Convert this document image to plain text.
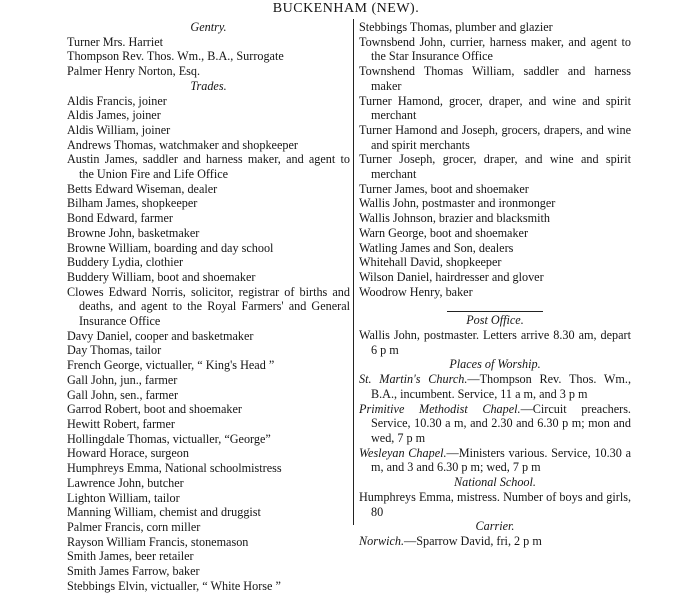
BUCKENHAM (NEW).
Gentry.
Turner Mrs. Harriet
Thompson Rev. Thos. Wm., B.A., Surrogate
Palmer Henry Norton, Esq.
Trades.
Aldis Francis, joiner
Aldis James, joiner
Aldis William, joiner
Andrews Thomas, watchmaker and shopkeeper
Austin James, saddler and harness maker, and agent to the Union Fire and Life Office
Betts Edward Wiseman, dealer
Bilham James, shopkeeper
Bond Edward, farmer
Browne John, basketmaker
Browne William, boarding and day school
Buddery Lydia, clothier
Buddery William, boot and shoemaker
Clowes Edward Norris, solicitor, registrar of births and deaths, and agent to the Royal Farmers' and General Insurance Office
Davy Daniel, cooper and basketmaker
Day Thomas, tailor
French George, victualler, “ King's Head ”
Gall John, jun., farmer
Gall John, sen., farmer
Garrod Robert, boot and shoemaker
Hewitt Robert, farmer
Hollingdale Thomas, victualler, “George”
Howard Horace, surgeon
Humphreys Emma, National schoolmistress
Lawrence John, butcher
Lighton William, tailor
Manning William, chemist and druggist
Palmer Francis, corn miller
Rayson William Francis, stonemason
Smith James, beer retailer
Smith James Farrow, baker
Stebbings Elvin, victualler, “ White Horse ”
Stebbings Thomas, plumber and glazier
Townsbend John, currier, harness maker, and agent to the Star Insurance Office
Townshend Thomas William, saddler and harness maker
Turner Hamond, grocer, draper, and wine and spirit merchant
Turner Hamond and Joseph, grocers, drapers, and wine and spirit merchants
Turner Joseph, grocer, draper, and wine and spirit merchant
Turner James, boot and shoemaker
Wallis John, postmaster and ironmonger
Wallis Johnson, brazier and blacksmith
Warn George, boot and shoemaker
Watling James and Son, dealers
Whitehall David, shopkeeper
Wilson Daniel, hairdresser and glover
Woodrow Henry, baker
Post Office.
Wallis John, postmaster. Letters arrive 8.30 am, depart 6 p m
Places of Worship.
St. Martin's Church.—Thompson Rev. Thos. Wm., B.A., incumbent. Service, 11 a m, and 3 p m
Primitive Methodist Chapel.—Circuit preachers. Service, 10.30 a m, and 2.30 and 6.30 p m; mon and wed, 7 p m
Wesleyan Chapel.—Ministers various. Service, 10.30 a m, and 3 and 6.30 p m; wed, 7 p m
National School.
Humphreys Emma, mistress. Number of boys and girls, 80
Carrier.
Norwich.—Sparrow David, fri, 2 p m
